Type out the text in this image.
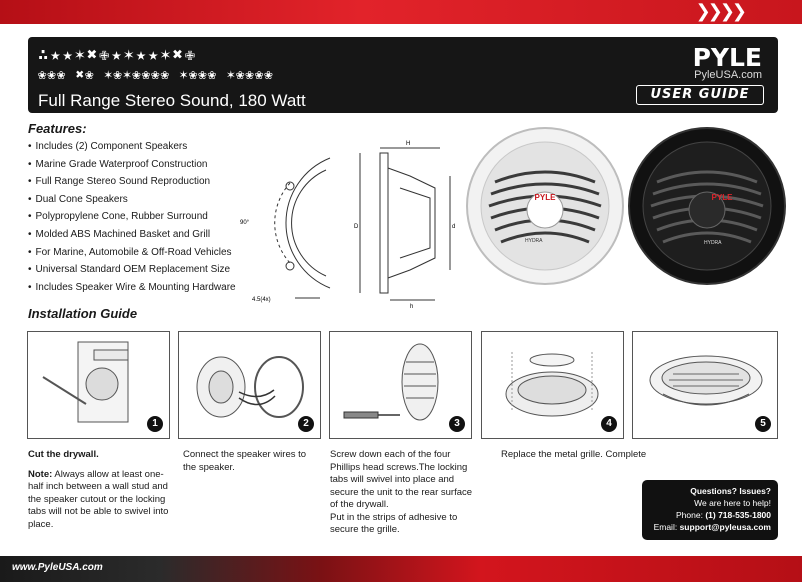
❯❯❯❯
∴★★✶✖✙★✶★★✶✖✙
❀❀❀ ✖❀ ✶❀✶❀❀❀❀ ✶❀❀❀ ✶❀❀❀❀
Full Range Stereo Sound, 180 Watt
PYLE
PyleUSA.com
USER GUIDE
Features:
• Includes (2) Component Speakers
• Marine Grade Waterproof Construction
• Full Range Stereo Sound Reproduction
• Dual Cone Speakers
• Polypropylene Cone, Rubber Surround
• Molded ABS Machined Basket and Grill
• For Marine, Automobile & Off-Road Vehicles
• Universal Standard OEM Replacement Size
• Includes Speaker Wire & Mounting Hardware
H
90°
D	d
4.5(4x)
h
PYLE
HYDRA
PYLE
HYDRA
Installation Guide
1	2	3	4	5
Cut the drywall.
Note: Always allow at least one-half inch between a wall stud and the speaker cutout or the locking tabs will not be able to swivel into place.
Connect the speaker wires to the speaker.
Screw down each of the four Phillips head screws.The locking tabs will swivel into place and secure the unit to the rear surface of the drywall.
Put in the strips of adhesive to secure the grille.
Replace the metal grille. Complete
Questions? Issues?
We are here to help!
Phone: (1) 718-535-1800
Email: support@pyleusa.com
www.PyleUSA.com
